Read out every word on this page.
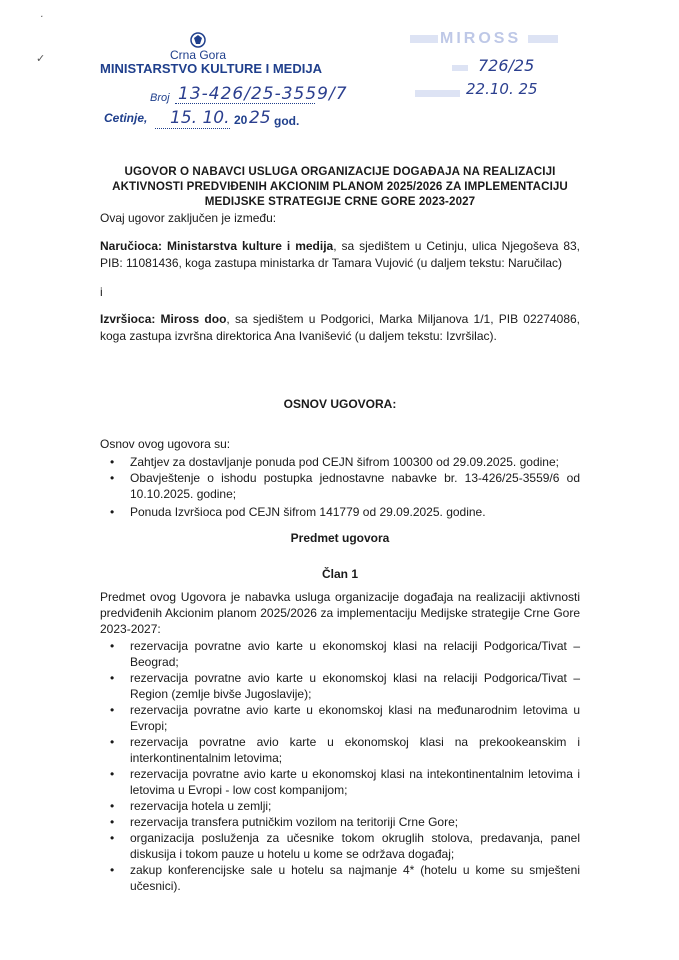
·
✓	Crna Gora
MINISTARSTVO KULTURE I MEDIJA
Broj 13-426/25-3559/7
Cetinje, 15. 10. 20 25 god.
MIROSS
726/25
22.10. 25
UGOVOR O NABAVCI USLUGA ORGANIZACIJE DOGAĐAJA NA REALIZACIJI
AKTIVNOSTI PREDVIĐENIH AKCIONIM PLANOM 2025/2026 ZA IMPLEMENTACIJU
MEDIJSKE STRATEGIJE CRNE GORE 2023-2027

Ovaj ugovor zaključen je između:

Naručioca: Ministarstva kulture i medija, sa sjedištem u Cetinju, ulica Njegoševa 83, PIB: 11081436, koga zastupa ministarka dr Tamara Vujović (u daljem tekstu: Naručilac)

i

Izvršioca: Miross doo, sa sjedištem u Podgorici, Marka Miljanova 1/1, PIB 02274086, koga zastupa izvršna direktorica Ana Ivanišević (u daljem tekstu: Izvršilac).

OSNOV UGOVORA:

Osnov ovog ugovora su:

• Zahtjev za dostavljanje ponuda pod CEJN šifrom 100300 od 29.09.2025. godine;
• Obavještenje o ishodu postupka jednostavne nabavke br. 13-426/25-3559/6 od 10.10.2025. godine;
• Ponuda Izvršioca pod CEJN šifrom 141779 od 29.09.2025. godine.
Predmet ugovora
Član 1

Predmet ovog Ugovora je nabavka usluga organizacije događaja na realizaciji aktivnosti predviđenih Akcionim planom 2025/2026 za implementaciju Medijske strategije Crne Gore 2023-2027:

• rezervacija povratne avio karte u ekonomskoj klasi na relaciji Podgorica/Tivat – Beograd;
• rezervacija povratne avio karte u ekonomskoj klasi na relaciji Podgorica/Tivat – Region (zemlje bivše Jugoslavije);
• rezervacija povratne avio karte u ekonomskoj klasi na međunarodnim letovima u Evropi;
• rezervacija povratne avio karte u ekonomskoj klasi na prekookeanskim i interkontinentalnim letovima;
• rezervacija povratne avio karte u ekonomskoj klasi na intekontinentalnim letovima i letovima u Evropi - low cost kompanijom;
• rezervacija hotela u zemlji;
• rezervacija transfera putničkim vozilom na teritoriji Crne Gore;
• organizacija posluženja za učesnike tokom okruglih stolova, predavanja, panel diskusija i tokom pauze u hotelu u kome se održava događaj;
• zakup konferencijske sale u hotelu sa najmanje 4* (hotelu u kome su smješteni učesnici).
